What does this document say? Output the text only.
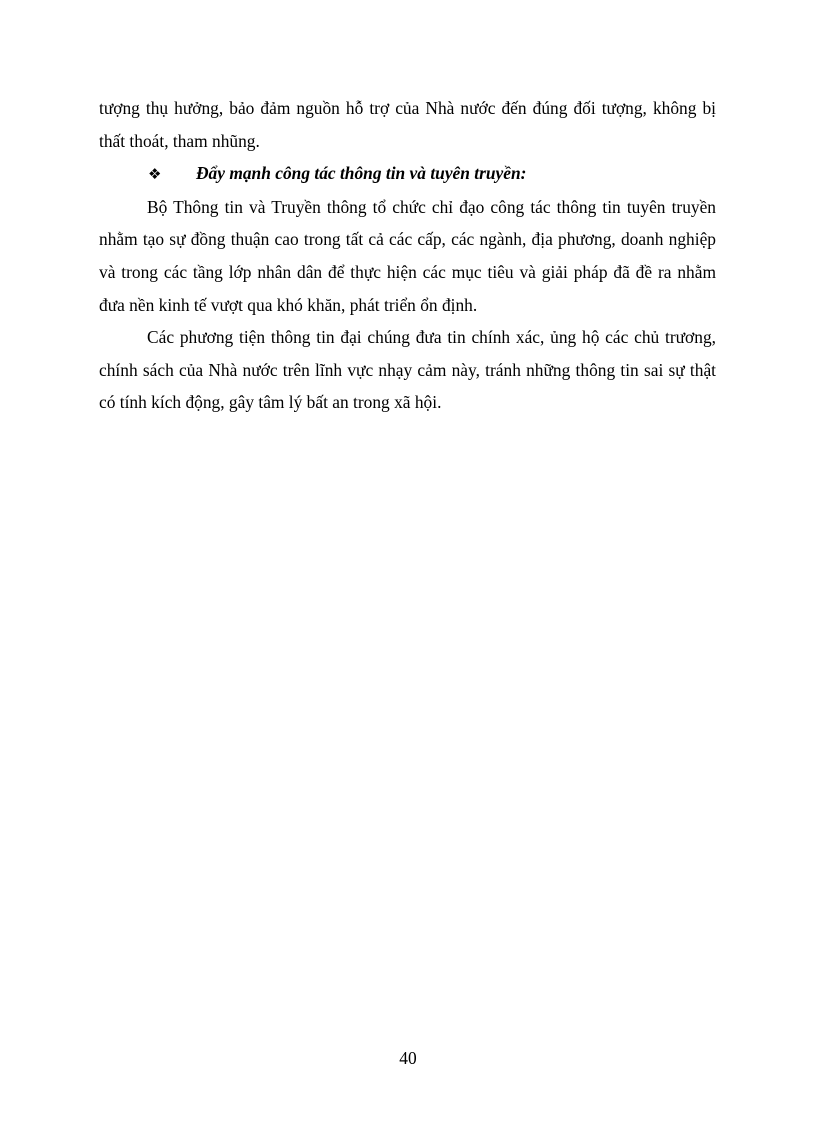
tượng thụ hưởng, bảo đảm nguồn hỗ trợ của Nhà nước đến đúng đối tượng, không bị thất thoát, tham nhũng.

❖ Đẩy mạnh công tác thông tin và tuyên truyền:

Bộ Thông tin và Truyền thông tổ chức chỉ đạo công tác thông tin tuyên truyền nhằm tạo sự đồng thuận cao trong tất cả các cấp, các ngành, địa phương, doanh nghiệp và trong các tầng lớp nhân dân để thực hiện các mục tiêu và giải pháp đã đề ra nhằm đưa nền kinh tế vượt qua khó khăn, phát triển ổn định.

Các phương tiện thông tin đại chúng đưa tin chính xác, ủng hộ các chủ trương, chính sách của Nhà nước trên lĩnh vực nhạy cảm này, tránh những thông tin sai sự thật có tính kích động, gây tâm lý bất an trong xã hội.

40
